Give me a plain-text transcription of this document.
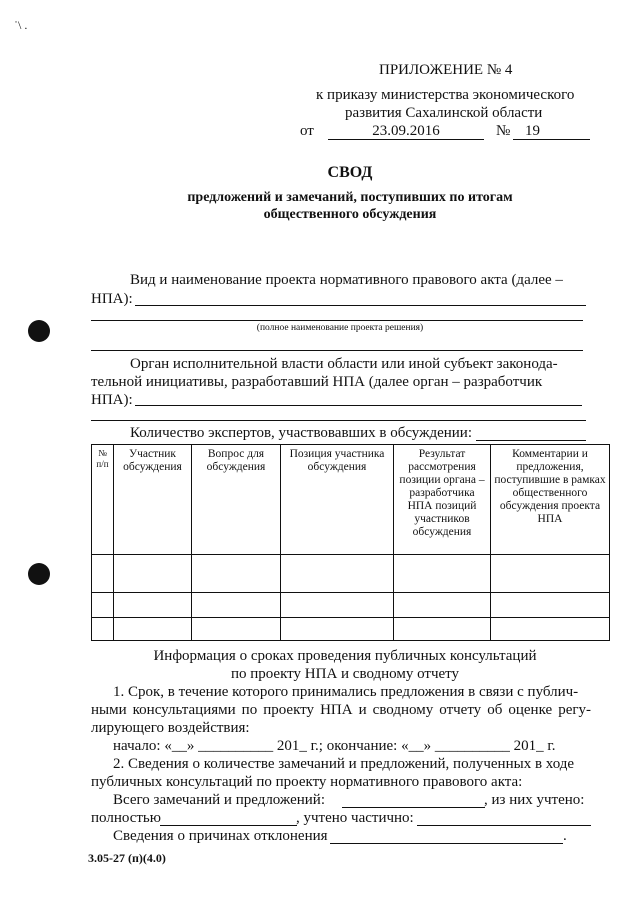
˙\ .
ПРИЛОЖЕНИЕ № 4
к приказу министерства экономического
развития Сахалинской области
от	23.09.2016	№ 19
СВОД
предложений и замечаний, поступивших по итогам
общественного обсуждения
Вид и наименование проекта нормативного правового акта (далее –
НПА):
(полное наименование проекта решения)
Орган исполнительной власти области или иной субъект законода-
тельной инициативы, разработавший НПА (далее орган – разработчик
НПА):
Количество экспертов, участвовавших в обсуждении:
№ п/п	Участник обсуждения	Вопрос для обсуждения	Позиция участника обсуждения	Результат рассмотрения позиции органа – разработчика НПА позиций участников обсуждения	Комментарии и предложения, поступившие в рамках общественного обсуждения проекта НПА

Информация о сроках проведения публичных консультаций
по проекту НПА и сводному отчету
1. Срок, в течение которого принимались предложения в связи с публич-
ными консультациями по проекту НПА и сводному отчету об оценке регу-
лирующего воздействия:
начало: «__» __________ 201_ г.; окончание: «__» __________ 201_ г.
2. Сведения о количестве замечаний и предложений, полученных в ходе
публичных консультаций по проекту нормативного правового акта:
Всего замечаний и предложений:	, из них учтено:
полностью	, учтено частично:
Сведения о причинах отклонения	.
3.05-27 (п)(4.0)
